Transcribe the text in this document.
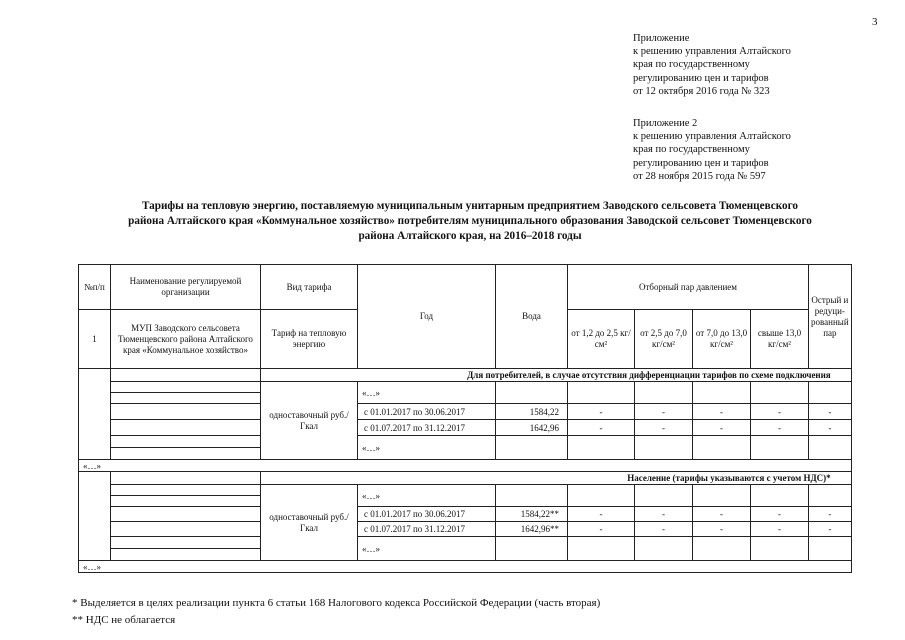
3
Приложение
к решению управления Алтайского
края по государственному
регулированию цен и тарифов
от 12 октября 2016 года № 323
Приложение 2
к решению управления Алтайского
края по государственному
регулированию цен и тарифов
от 28 ноября 2015 года № 597
Тарифы на тепловую энергию, поставляемую муниципальным унитарным предприятием Заводского сельсовета Тюменцевского
района Алтайского края «Коммунальное хозяйство» потребителям муниципального образования Заводской сельсовет Тюменцевского
района Алтайского края, на 2016–2018 годы
№п/п	Наименование регулируемой организации	Вид тарифа	Год	Вода	Отборный пар давлением				Острый и редуци-рованный пар
1	МУП Заводского сельсовета Тюменцевского района Алтайского края «Коммунальное хозяйство»	Тариф на тепловую энергию			от 1,2 до 2,5 кг/см²	от 2,5 до 7,0 кг/см²	от 7,0 до 13,0 кг/см²	свыше 13,0 кг/см²	
		Для потребителей, в случае отсутствия дифференциации тарифов по схеме подключения							
		одноставочный руб./Гкал	«…»						

			с 01.01.2017 по 30.06.2017	1584,22	-	-	-	-	-
			с 01.07.2017 по 31.12.2017	1642,96	-	-	-	-	-
			«…»						

«…»									
		Население (тарифы указываются с учетом НДС)*							
		одноставочный руб./Гкал	«…»						

			с 01.01.2017 по 30.06.2017	1584,22**	-	-	-	-	-
			с 01.07.2017 по 31.12.2017	1642,96**	-	-	-	-	-
			«…»						

«…»									
* Выделяется в целях реализации пункта 6 статьи 168 Налогового кодекса Российской Федерации (часть вторая)
** НДС не облагается
